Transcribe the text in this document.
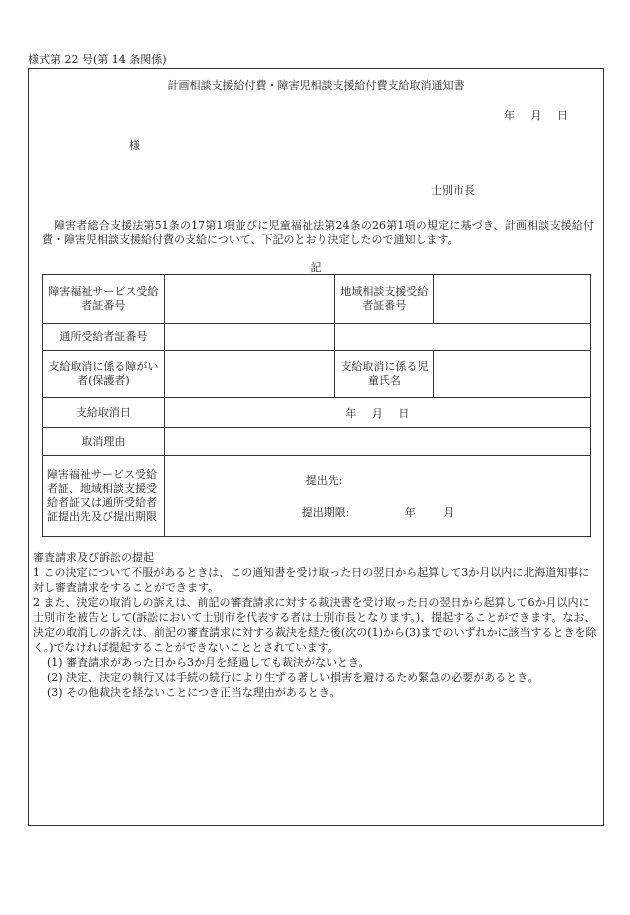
様式第 22 号(第 14 条関係)
計画相談支援給付費・障害児相談支援給付費支給取消通知書
年 月 日
様
士別市長
障害者総合支援法第51条の17第1項並びに児童福祉法第24条の26第1項の規定に基づき、計画相談支援給付費・障害児相談支援給付費の支給について、下記のとおり決定したので通知します。
記
障害福祉サービス受給者証番号		地域相談支援受給者証番号	

通所受給者証番号		

支給取消に係る障がい者(保護者)		支給取消に係る児童氏名	
支給取消日	年 月 日		
取消理由			
障害福祉サービス受給者証、地域相談支援受給者証又は通所受給者証提出先及び提出期限	提出先:
提出期限: 年 月		

審査請求及び訴訟の提起

1 この決定について不服があるときは、この通知書を受け取った日の翌日から起算して3か月以内に北海道知事に対し審査請求をすることができます。

2 また、決定の取消しの訴えは、前記の審査請求に対する裁決書を受け取った日の翌日から起算して6か月以内に士別市を被告として(訴訟において士別市を代表する者は士別市長となります。)、提起することができます。なお、決定の取消しの訴えは、前記の審査請求に対する裁決を経た後(次の(1)から(3)までのいずれかに該当するときを除く。)でなければ提起することができないこととされています。

(1) 審査請求があった日から3か月を経過しても裁決がないとき。

(2) 決定、決定の執行又は手続の続行により生ずる著しい損害を避けるため緊急の必要があるとき。

(3) その他裁決を経ないことにつき正当な理由があるとき。
